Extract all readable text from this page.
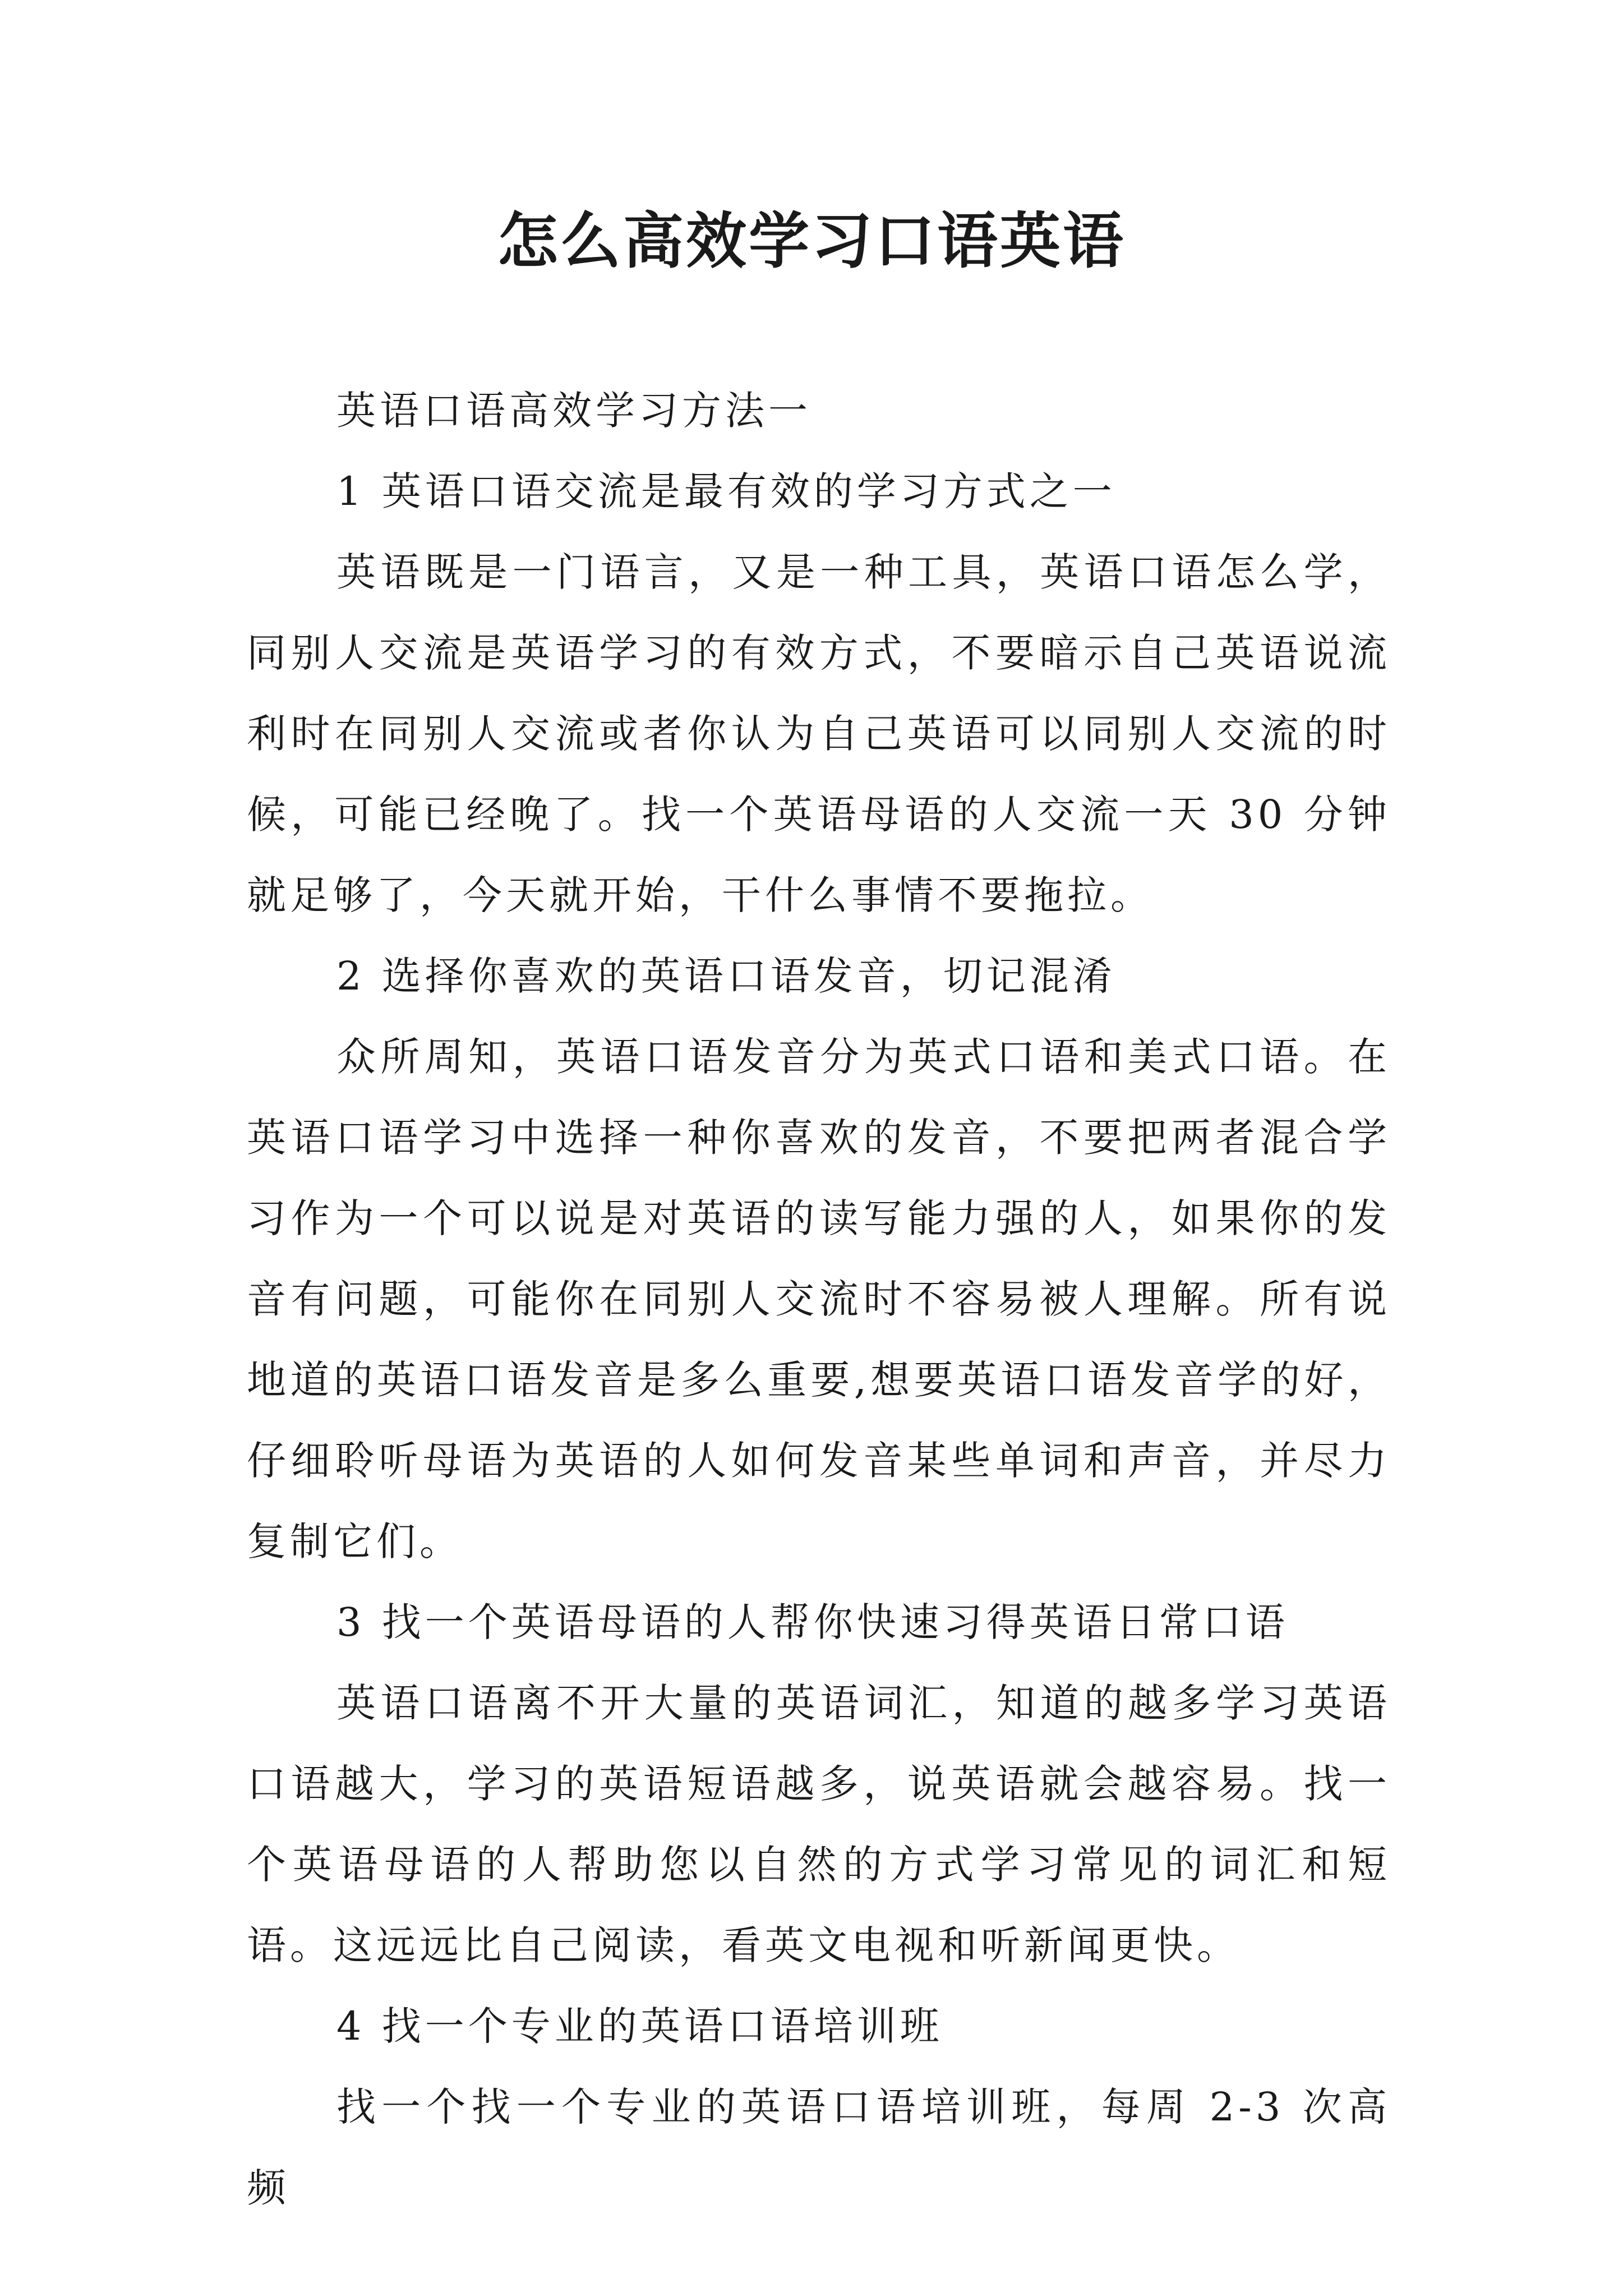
怎么高效学习口语英语

英语口语高效学习方法一

1 英语口语交流是最有效的学习方式之一

英语既是一门语言，又是一种工具，英语口语怎么学，同别人交流是英语学习的有效方式，不要暗示自己英语说流利时在同别人交流或者你认为自己英语可以同别人交流的时候，可能已经晚了。找一个英语母语的人交流一天 30 分钟就足够了，今天就开始，干什么事情不要拖拉。

2 选择你喜欢的英语口语发音，切记混淆

众所周知，英语口语发音分为英式口语和美式口语。在英语口语学习中选择一种你喜欢的发音，不要把两者混合学习作为一个可以说是对英语的读写能力强的人，如果你的发音有问题，可能你在同别人交流时不容易被人理解。所有说地道的英语口语发音是多么重要,想要英语口语发音学的好，仔细聆听母语为英语的人如何发音某些单词和声音，并尽力复制它们。

3 找一个英语母语的人帮你快速习得英语日常口语

英语口语离不开大量的英语词汇，知道的越多学习英语口语越大，学习的英语短语越多，说英语就会越容易。找一个英语母语的人帮助您以自然的方式学习常见的词汇和短语。这远远比自己阅读，看英文电视和听新闻更快。

4 找一个专业的英语口语培训班

找一个找一个专业的英语口语培训班，每周 2-3 次高频
